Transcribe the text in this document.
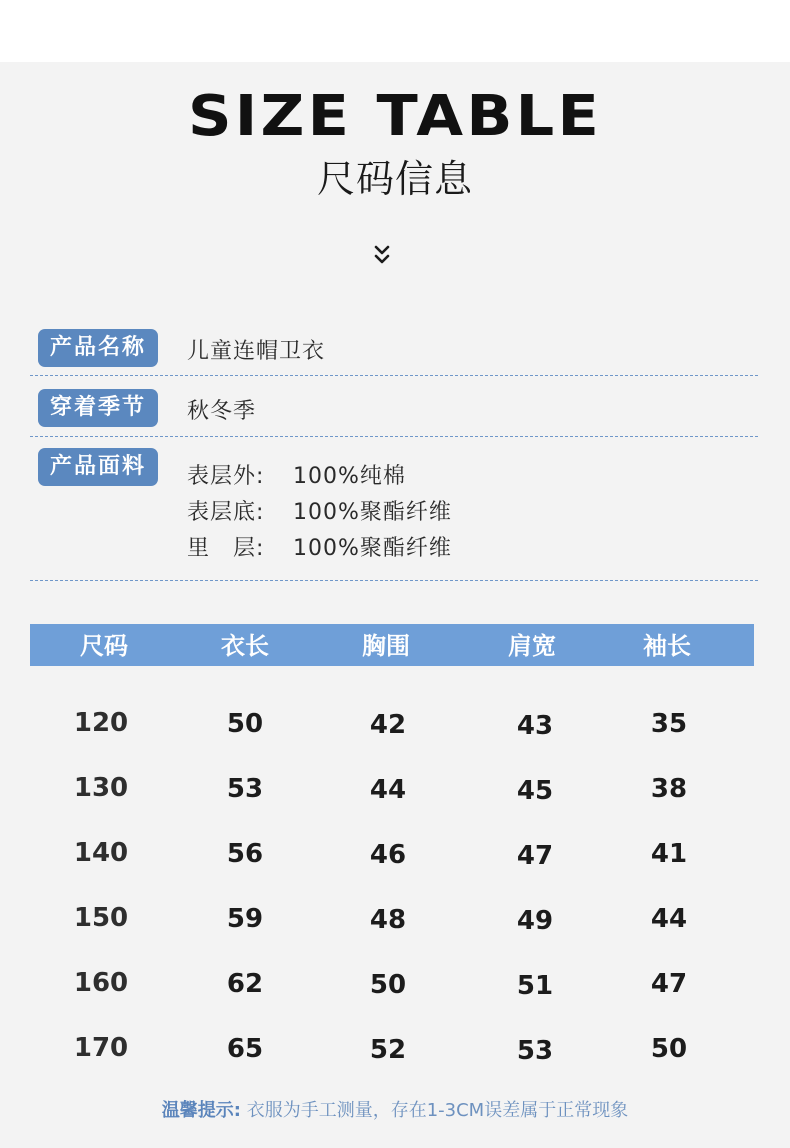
SIZE TABLE
尺码信息
产品名称	儿童连帽卫衣
穿着季节	秋冬季
产品面料	表层外: 100%纯棉
表层底: 100%聚酯纤维
里　层: 100%聚酯纤维
尺码	衣长	胸围	肩宽	袖长
120	50	42	43	35
130	53	44	45	38
140	56	46	47	41
150	59	48	49	44
160	62	50	51	47
170	65	52	53	50
温馨提示: 衣服为手工测量，存在1-3CM误差属于正常现象
